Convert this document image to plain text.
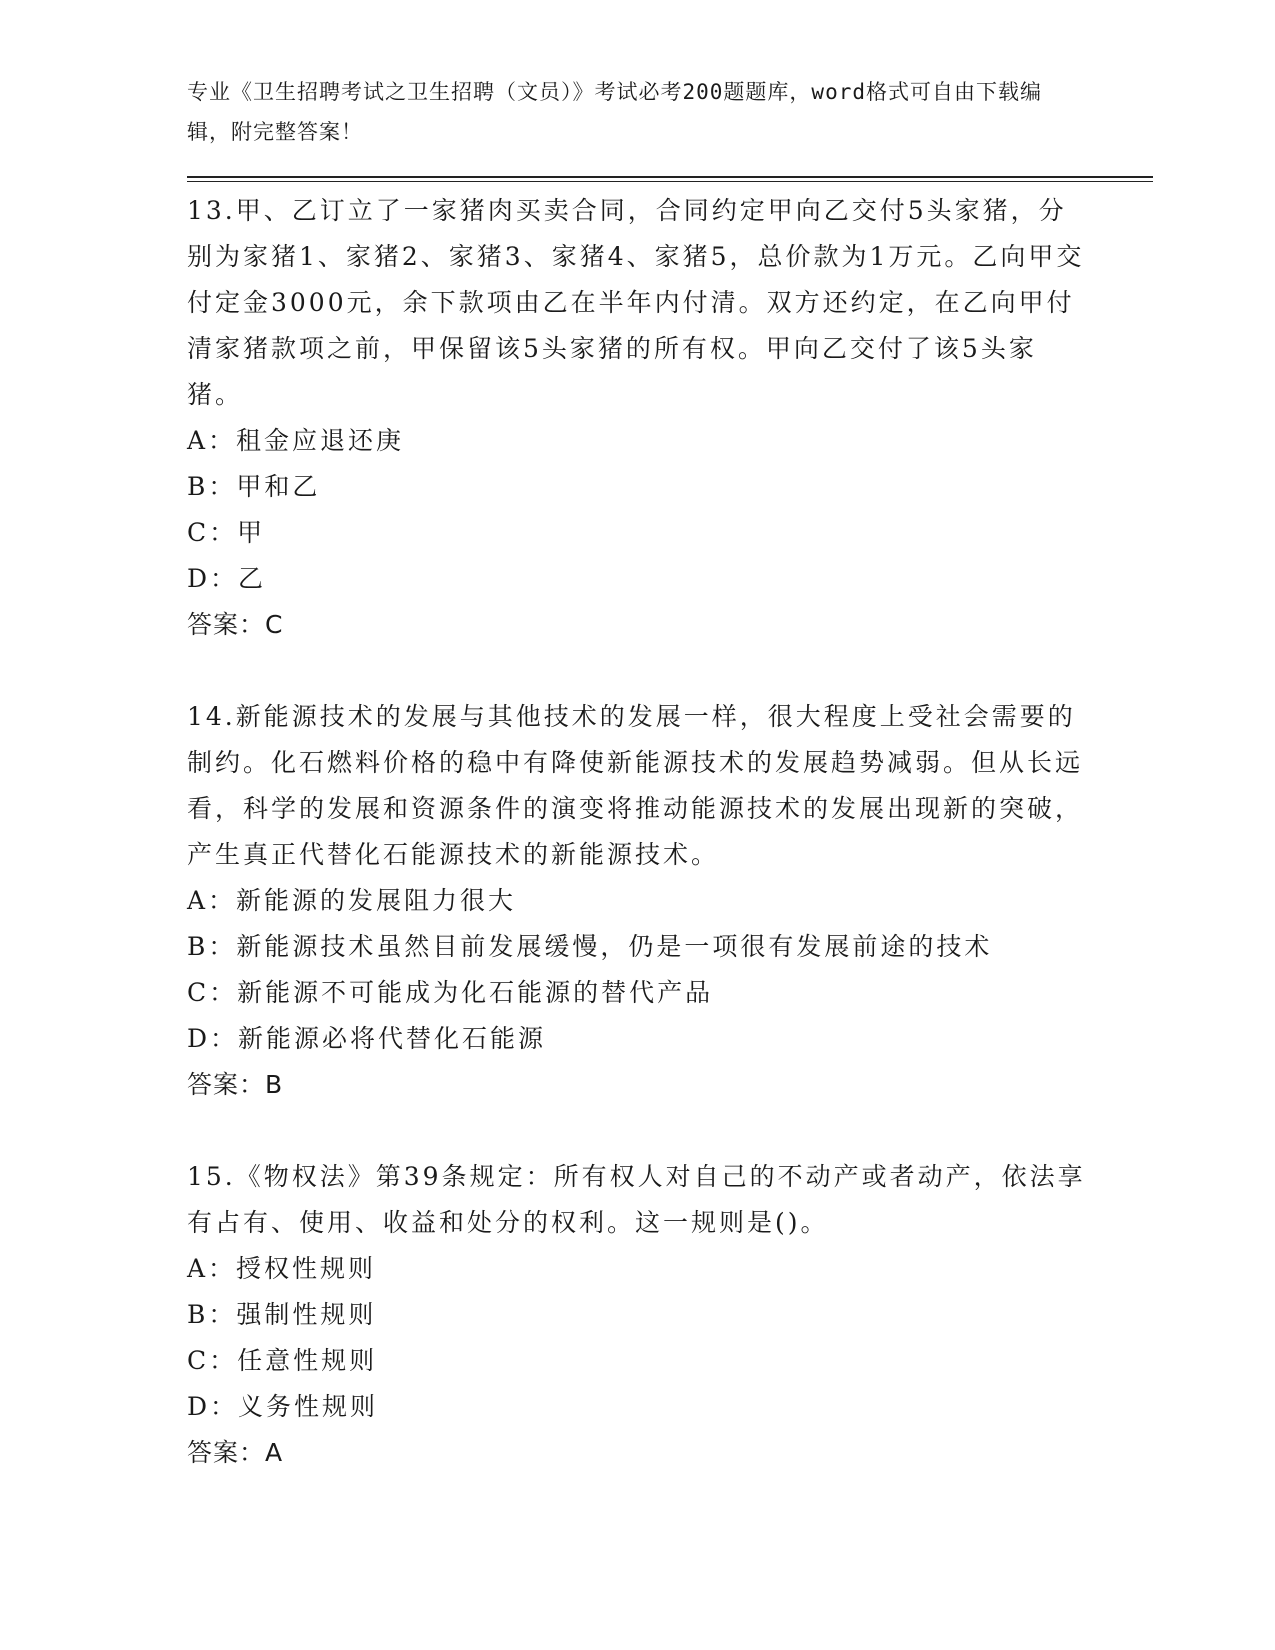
专业《卫生招聘考试之卫生招聘（文员）》考试必考200题题库，word格式可自由下载编辑，附完整答案！

13.甲、乙订立了一家猪肉买卖合同，合同约定甲向乙交付5头家猪，分别为家猪1、家猪2、家猪3、家猪4、家猪5，总价款为1万元。乙向甲交付定金3000元，余下款项由乙在半年内付清。双方还约定，在乙向甲付清家猪款项之前，甲保留该5头家猪的所有权。甲向乙交付了该5头家猪。

A：租金应退还庚

B：甲和乙

C：甲

D：乙

答案：C

14.新能源技术的发展与其他技术的发展一样，很大程度上受社会需要的制约。化石燃料价格的稳中有降使新能源技术的发展趋势减弱。但从长远看，科学的发展和资源条件的演变将推动能源技术的发展出现新的突破，产生真正代替化石能源技术的新能源技术。

A：新能源的发展阻力很大

B：新能源技术虽然目前发展缓慢，仍是一项很有发展前途的技术

C：新能源不可能成为化石能源的替代产品

D：新能源必将代替化石能源

答案：B

15.《物权法》第39条规定：所有权人对自己的不动产或者动产，依法享有占有、使用、收益和处分的权利。这一规则是()。

A：授权性规则

B：强制性规则

C：任意性规则

D：义务性规则

答案：A
